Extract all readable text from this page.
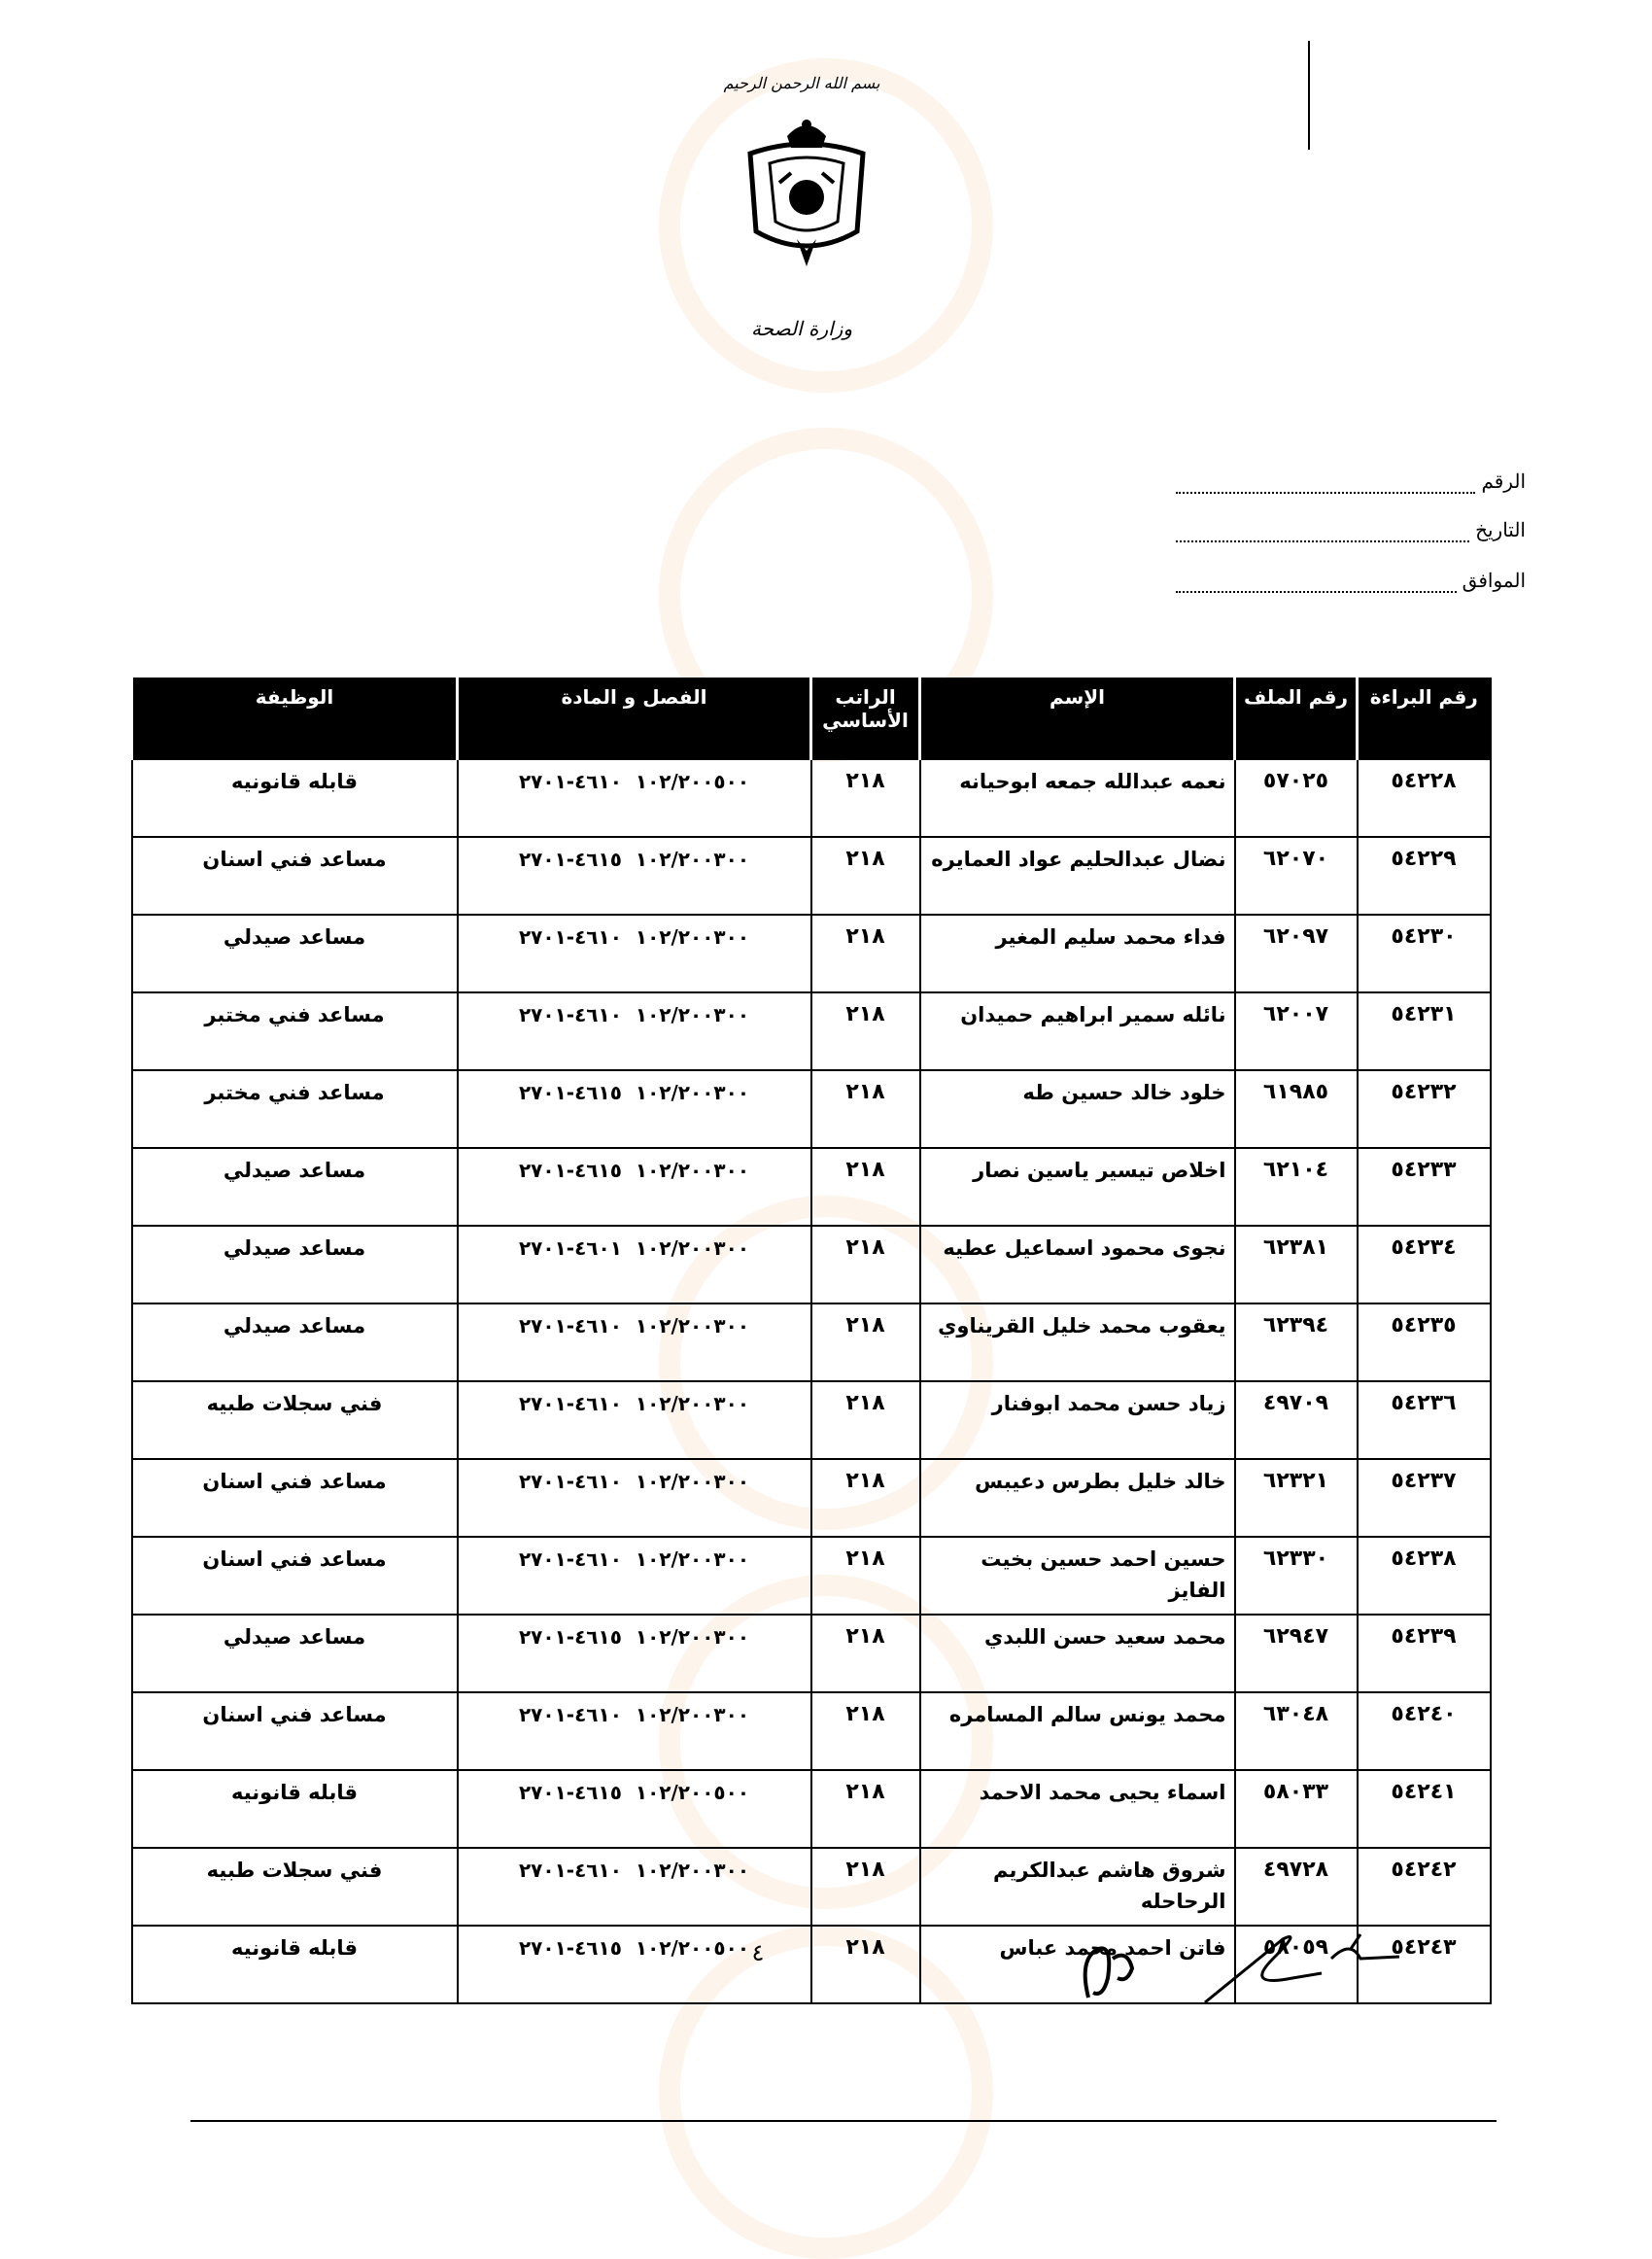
بسم الله الرحمن الرحيم
وزارة الصحة
الرقم
التاريخ
الموافق
رقم البراءة	رقم الملف	الإسم	الراتب الأساسي	الفصل و المادة	الوظيفة
٥٤٢٢٨	٥٧٠٢٥	نعمه عبدالله جمعه ابوحيانه	٢١٨	١٠٢/٢٠٠٥٠٠  ٤٦١٠-٢٧٠١	قابله قانونيه
٥٤٢٢٩	٦٢٠٧٠	نضال عبدالحليم عواد العمايره	٢١٨	١٠٢/٢٠٠٣٠٠  ٤٦١٥-٢٧٠١	مساعد فني اسنان
٥٤٢٣٠	٦٢٠٩٧	فداء محمد سليم المغير	٢١٨	١٠٢/٢٠٠٣٠٠  ٤٦١٠-٢٧٠١	مساعد صيدلي
٥٤٢٣١	٦٢٠٠٧	نائله سمير ابراهيم حميدان	٢١٨	١٠٢/٢٠٠٣٠٠  ٤٦١٠-٢٧٠١	مساعد فني مختبر
٥٤٢٣٢	٦١٩٨٥	خلود خالد حسين طه	٢١٨	١٠٢/٢٠٠٣٠٠  ٤٦١٥-٢٧٠١	مساعد فني مختبر
٥٤٢٣٣	٦٢١٠٤	اخلاص تيسير ياسين نصار	٢١٨	١٠٢/٢٠٠٣٠٠  ٤٦١٥-٢٧٠١	مساعد صيدلي
٥٤٢٣٤	٦٢٣٨١	نجوى محمود اسماعيل عطيه	٢١٨	١٠٢/٢٠٠٣٠٠  ٤٦٠١-٢٧٠١	مساعد صيدلي
٥٤٢٣٥	٦٢٣٩٤	يعقوب محمد خليل القريناوي	٢١٨	١٠٢/٢٠٠٣٠٠  ٤٦١٠-٢٧٠١	مساعد صيدلي
٥٤٢٣٦	٤٩٧٠٩	زياد حسن محمد ابوفنار	٢١٨	١٠٢/٢٠٠٣٠٠  ٤٦١٠-٢٧٠١	فني سجلات طبيه
٥٤٢٣٧	٦٢٣٢١	خالد خليل بطرس دعيبس	٢١٨	١٠٢/٢٠٠٣٠٠  ٤٦١٠-٢٧٠١	مساعد فني اسنان
٥٤٢٣٨	٦٢٣٣٠	حسين احمد حسين بخيت الفايز	٢١٨	١٠٢/٢٠٠٣٠٠  ٤٦١٠-٢٧٠١	مساعد فني اسنان
٥٤٢٣٩	٦٢٩٤٧	محمد سعيد حسن اللبدي	٢١٨	١٠٢/٢٠٠٣٠٠  ٤٦١٥-٢٧٠١	مساعد صيدلي
٥٤٢٤٠	٦٣٠٤٨	محمد يونس سالم المسامره	٢١٨	١٠٢/٢٠٠٣٠٠  ٤٦١٠-٢٧٠١	مساعد فني اسنان
٥٤٢٤١	٥٨٠٣٣	اسماء يحيى محمد الاحمد	٢١٨	١٠٢/٢٠٠٥٠٠  ٤٦١٥-٢٧٠١	قابله قانونيه
٥٤٢٤٢	٤٩٧٢٨	شروق هاشم عبدالكريم الرحاحله	٢١٨	١٠٢/٢٠٠٣٠٠  ٤٦١٠-٢٧٠١	فني سجلات طبيه
٥٤٢٤٣	٥٨٠٥٩	فاتن احمد محمد عباس	٢١٨	١٠٢/٢٠٠٥٠٠  ٤٦١٥-٢٧٠١	قابله قانونيه	٤
